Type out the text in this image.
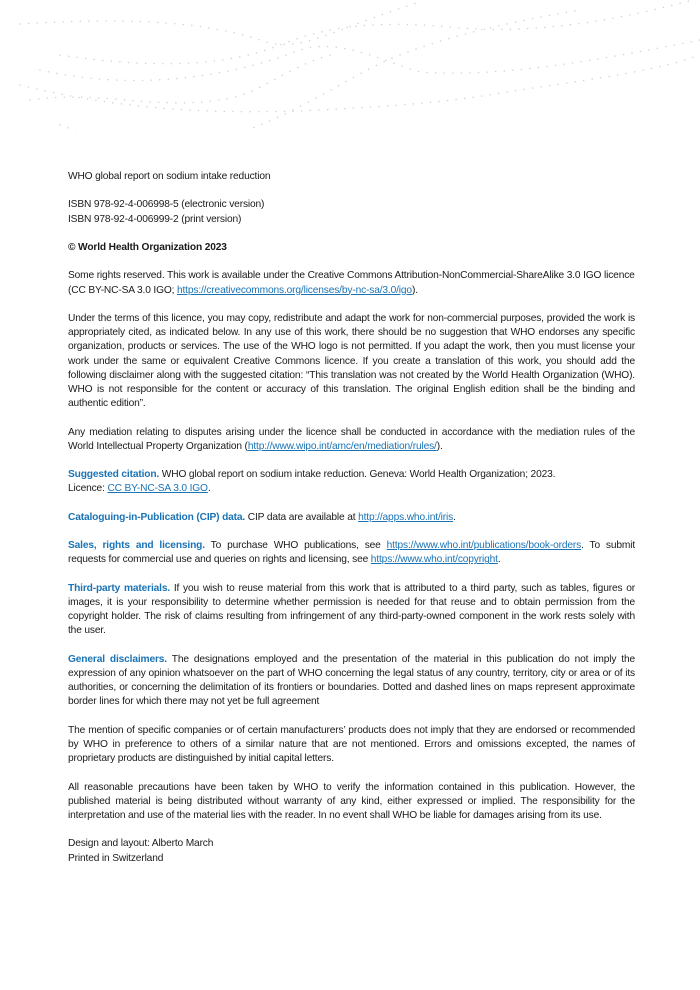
WHO global report on sodium intake reduction

ISBN 978-92-4-006998-5 (electronic version)
ISBN 978-92-4-006999-2 (print version)

© World Health Organization 2023

Some rights reserved. This work is available under the Creative Commons Attribution-NonCommercial-ShareAlike 3.0 IGO licence (CC BY-NC-SA 3.0 IGO; https://creativecommons.org/licenses/by-nc-sa/3.0/igo).

Under the terms of this licence, you may copy, redistribute and adapt the work for non-commercial purposes, provided the work is appropriately cited, as indicated below. In any use of this work, there should be no suggestion that WHO endorses any specific organization, products or services. The use of the WHO logo is not permitted. If you adapt the work, then you must license your work under the same or equivalent Creative Commons licence. If you create a translation of this work, you should add the following disclaimer along with the suggested citation: “This translation was not created by the World Health Organization (WHO). WHO is not responsible for the content or accuracy of this translation. The original English edition shall be the binding and authentic edition”.

Any mediation relating to disputes arising under the licence shall be conducted in accordance with the mediation rules of the World Intellectual Property Organization (http://www.wipo.int/amc/en/mediation/rules/).

Suggested citation. WHO global report on sodium intake reduction. Geneva: World Health Organization; 2023.
Licence: CC BY-NC-SA 3.0 IGO.

Cataloguing-in-Publication (CIP) data. CIP data are available at http://apps.who.int/iris.

Sales, rights and licensing. To purchase WHO publications, see https://www.who.int/publications/book-orders. To submit requests for commercial use and queries on rights and licensing, see https://www.who.int/copyright.

Third-party materials. If you wish to reuse material from this work that is attributed to a third party, such as tables, figures or images, it is your responsibility to determine whether permission is needed for that reuse and to obtain permission from the copyright holder. The risk of claims resulting from infringement of any third-party-owned component in the work rests solely with the user.

General disclaimers. The designations employed and the presentation of the material in this publication do not imply the expression of any opinion whatsoever on the part of WHO concerning the legal status of any country, territory, city or area or of its authorities, or concerning the delimitation of its frontiers or boundaries. Dotted and dashed lines on maps represent approximate border lines for which there may not yet be full agreement

The mention of specific companies or of certain manufacturers’ products does not imply that they are endorsed or recommended by WHO in preference to others of a similar nature that are not mentioned. Errors and omissions excepted, the names of proprietary products are distinguished by initial capital letters.

All reasonable precautions have been taken by WHO to verify the information contained in this publication. However, the published material is being distributed without warranty of any kind, either expressed or implied. The responsibility for the interpretation and use of the material lies with the reader. In no event shall WHO be liable for damages arising from its use.

Design and layout: Alberto March
Printed in Switzerland
